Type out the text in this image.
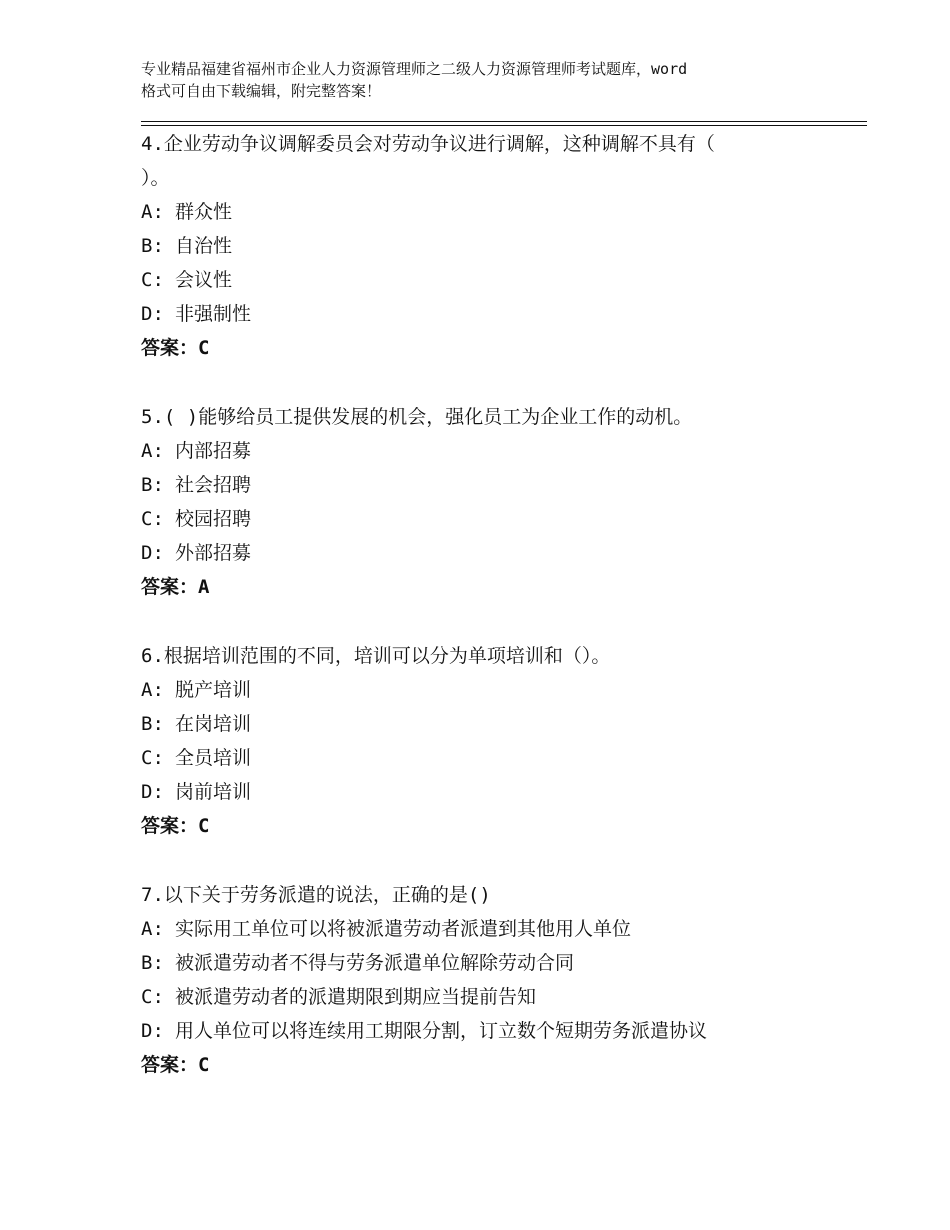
专业精品福建省福州市企业人力资源管理师之二级人力资源管理师考试题库，word
格式可自由下载编辑，附完整答案！
4.企业劳动争议调解委员会对劳动争议进行调解，这种调解不具有（
）。
A: 群众性
B: 自治性
C: 会议性
D: 非强制性
答案：C
5.( )能够给员工提供发展的机会，强化员工为企业工作的动机。
A: 内部招募
B: 社会招聘
C: 校园招聘
D: 外部招募
答案：A
6.根据培训范围的不同，培训可以分为单项培训和（）。
A: 脱产培训
B: 在岗培训
C: 全员培训
D: 岗前培训
答案：C
7.以下关于劳务派遣的说法，正确的是()
A: 实际用工单位可以将被派遣劳动者派遣到其他用人单位
B: 被派遣劳动者不得与劳务派遣单位解除劳动合同
C: 被派遣劳动者的派遣期限到期应当提前告知
D: 用人单位可以将连续用工期限分割，订立数个短期劳务派遣协议
答案：C
